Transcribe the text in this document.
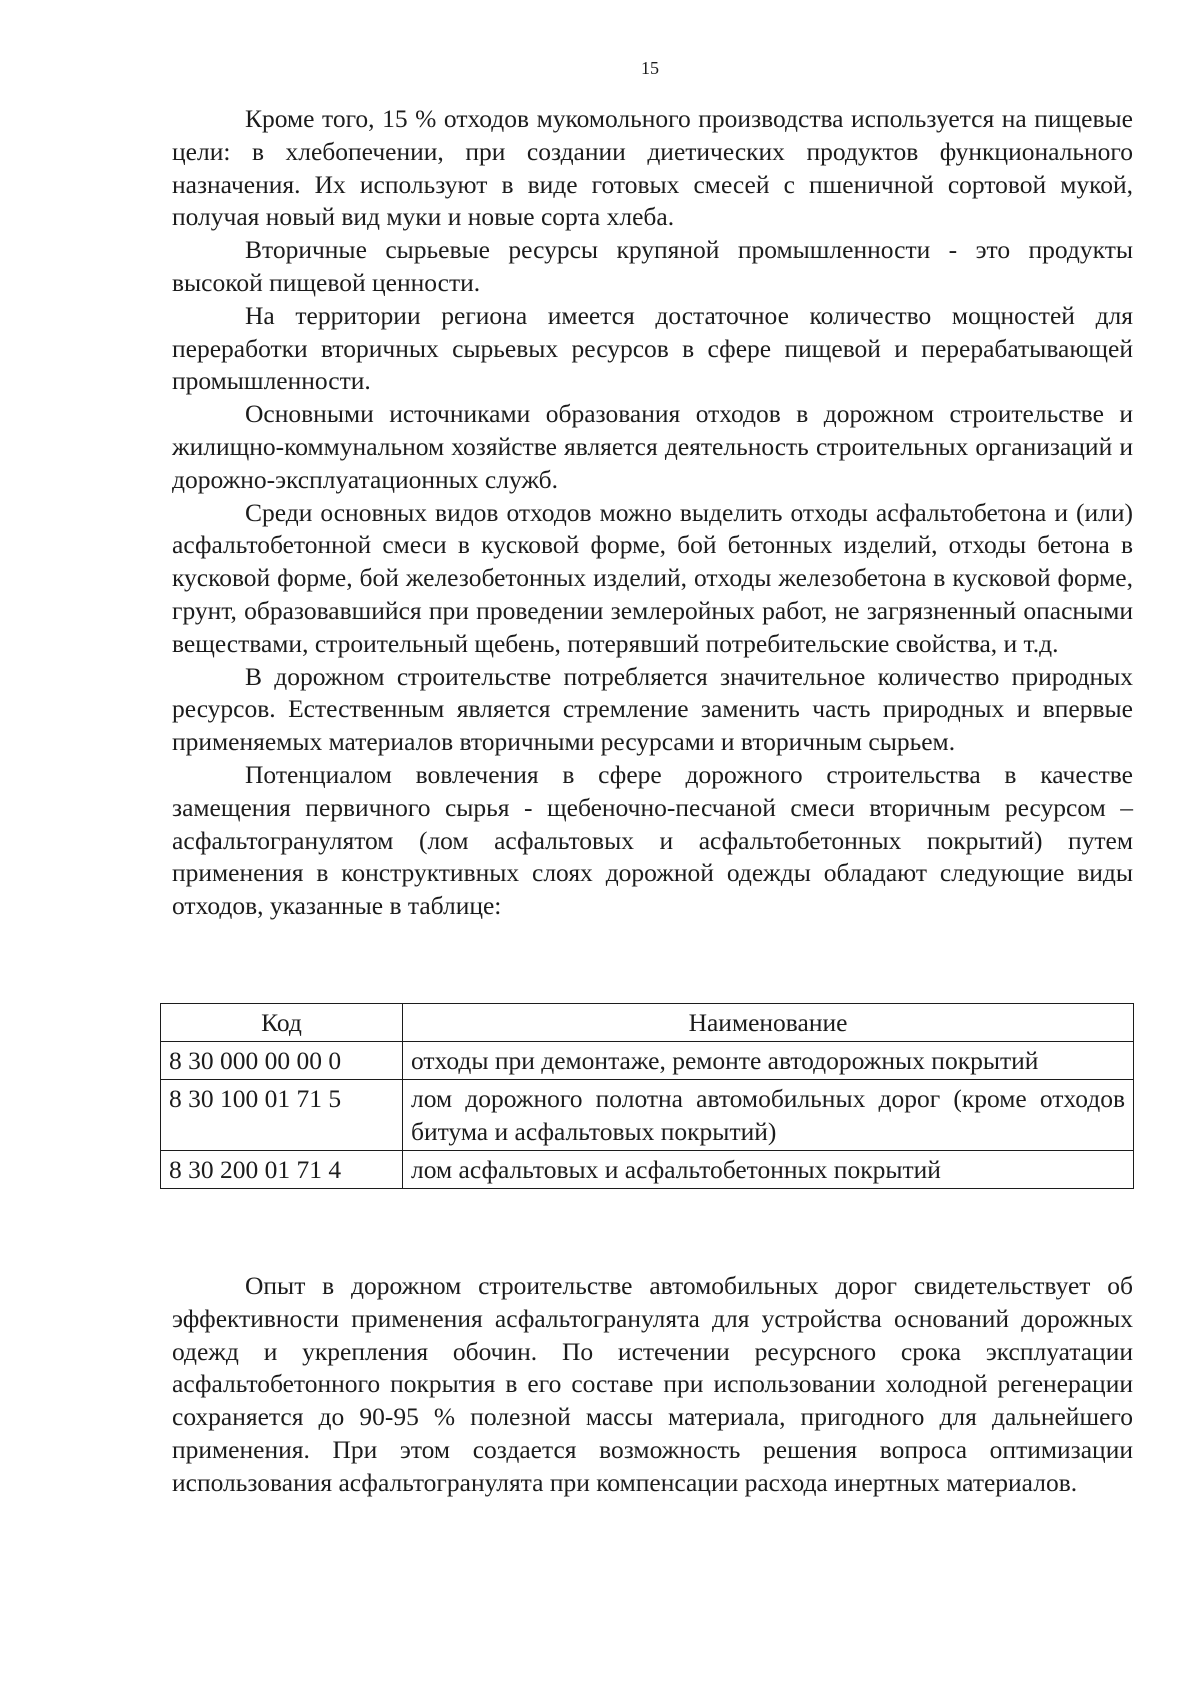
15

Кроме того, 15 % отходов мукомольного производства используется на пищевые цели: в хлебопечении, при создании диетических продуктов функционального назначения. Их используют в виде готовых смесей с пшеничной сортовой мукой, получая новый вид муки и новые сорта хлеба.

Вторичные сырьевые ресурсы крупяной промышленности - это продукты высокой пищевой ценности.

На территории региона имеется достаточное количество мощностей для переработки вторичных сырьевых ресурсов в сфере пищевой и перерабатывающей промышленности.

Основными источниками образования отходов в дорожном строительстве и жилищно-коммунальном хозяйстве является деятельность строительных организаций и дорожно-эксплуатационных служб.

Среди основных видов отходов можно выделить отходы асфальтобетона и (или) асфальтобетонной смеси в кусковой форме, бой бетонных изделий, отходы бетона в кусковой форме, бой железобетонных изделий, отходы железобетона в кусковой форме, грунт, образовавшийся при проведении землеройных работ, не загрязненный опасными веществами, строительный щебень, потерявший потребительские свойства, и т.д.

В дорожном строительстве потребляется значительное количество природных ресурсов. Естественным является стремление заменить часть природных и впервые применяемых материалов вторичными ресурсами и вторичным сырьем.

Потенциалом вовлечения в сфере дорожного строительства в качестве замещения первичного сырья - щебеночно-песчаной смеси вторичным ресурсом – асфальтогранулятом (лом асфальтовых и асфальтобетонных покрытий) путем применения в конструктивных слоях дорожной одежды обладают следующие виды отходов, указанные в таблице:

Код	Наименование
8 30 000 00 00 0	отходы при демонтаже, ремонте автодорожных покрытий
8 30 100 01 71 5	лом дорожного полотна автомобильных дорог (кроме отходов битума и асфальтовых покрытий)
8 30 200 01 71 4	лом асфальтовых и асфальтобетонных покрытий

Опыт в дорожном строительстве автомобильных дорог свидетельствует об эффективности применения асфальтогранулята для устройства оснований дорожных одежд и укрепления обочин. По истечении ресурсного срока эксплуатации асфальтобетонного покрытия в его составе при использовании холодной регенерации сохраняется до 90-95 % полезной массы материала, пригодного для дальнейшего применения. При этом создается возможность решения вопроса оптимизации использования асфальтогранулята при компенсации расхода инертных материалов.
